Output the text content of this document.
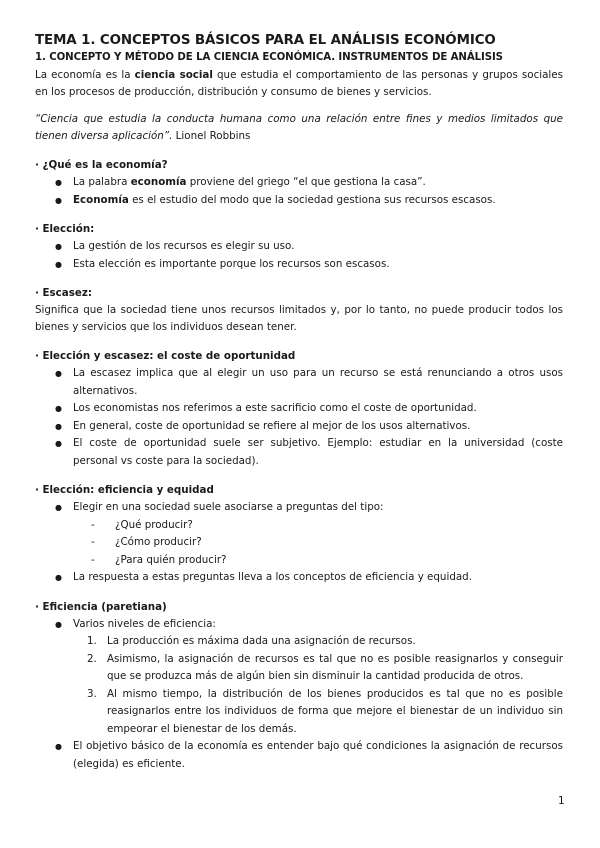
TEMA 1. CONCEPTOS BÁSICOS PARA EL ANÁLISIS ECONÓMICO
1. CONCEPTO Y MÉTODO DE LA CIENCIA ECONÓMICA. INSTRUMENTOS DE ANÁLISIS

La economía es la ciencia social que estudia el comportamiento de las personas y grupos sociales en los procesos de producción, distribución y consumo de bienes y servicios.

“Ciencia que estudia la conducta humana como una relación entre fines y medios limitados que tienen diversa aplicación”. Lionel Robbins

· ¿Qué es la economía?

● La palabra economía proviene del griego “el que gestiona la casa”.
● Economía es el estudio del modo que la sociedad gestiona sus recursos escasos.

· Elección:

● La gestión de los recursos es elegir su uso.
● Esta elección es importante porque los recursos son escasos.

· Escasez:

Significa que la sociedad tiene unos recursos limitados y, por lo tanto, no puede producir todos los bienes y servicios que los individuos desean tener.

· Elección y escasez: el coste de oportunidad

● La escasez implica que al elegir un uso para un recurso se está renunciando a otros usos alternativos.
● Los economistas nos referimos a este sacrificio como el coste de oportunidad.
● En general, coste de oportunidad se refiere al mejor de los usos alternativos.
● El coste de oportunidad suele ser subjetivo. Ejemplo: estudiar en la universidad (coste personal vs coste para la sociedad).

· Elección: eficiencia y equidad

● Elegir en una sociedad suele asociarse a preguntas del tipo:
- ¿Qué producir?
- ¿Cómo producir?
- ¿Para quién producir?
● La respuesta a estas preguntas lleva a los conceptos de eficiencia y equidad.

· Eficiencia (paretiana)

● Varios niveles de eficiencia:
1. La producción es máxima dada una asignación de recursos.
2. Asimismo, la asignación de recursos es tal que no es posible reasignarlos y conseguir que se produzca más de algún bien sin disminuir la cantidad producida de otros.
3. Al mismo tiempo, la distribución de los bienes producidos es tal que no es posible reasignarlos entre los individuos de forma que mejore el bienestar de un individuo sin empeorar el bienestar de los demás.
● El objetivo básico de la economía es entender bajo qué condiciones la asignación de recursos (elegida) es eficiente.
1
